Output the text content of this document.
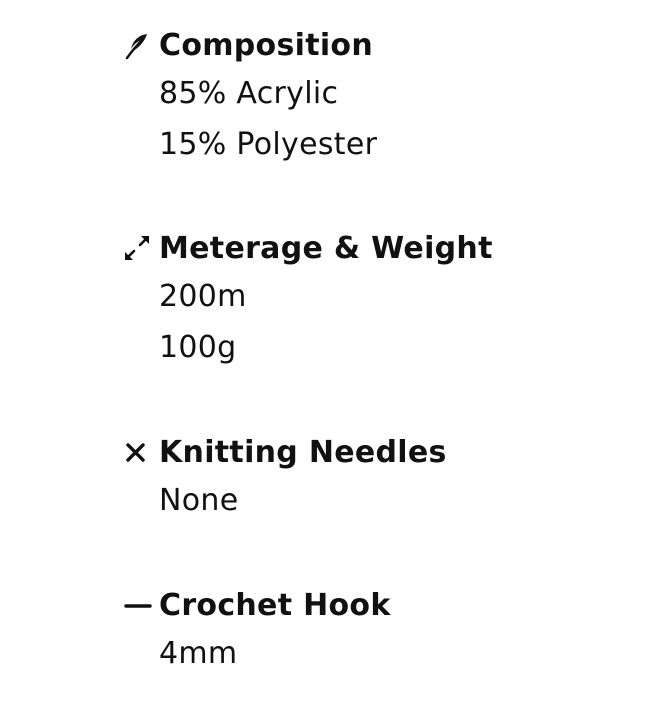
Composition
85% Acrylic
15% Polyester
Meterage & Weight
200m
100g
Knitting Needles
None
Crochet Hook
4mm
